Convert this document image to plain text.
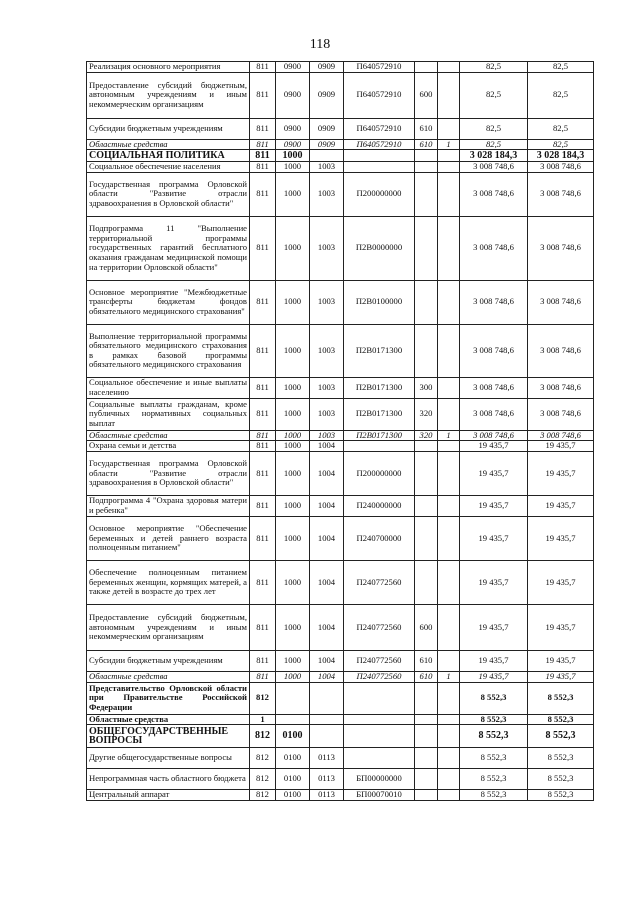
118
Реализация основного мероприятия	811	0900	0909	П640572910			82,5	82,5
Предоставление субсидий бюджетным, автономным учреждениям и иным некоммерческим организациям	811	0900	0909	П640572910	600		82,5	82,5
Субсидии бюджетным учреждениям	811	0900	0909	П640572910	610		82,5	82,5
Областные средства	811	0900	0909	П640572910	610	1	82,5	82,5
СОЦИАЛЬНАЯ ПОЛИТИКА	811	1000					3 028 184,3	3 028 184,3
Социальное обеспечение населения	811	1000	1003				3 008 748,6	3 008 748,6
Государственная программа Орловской области "Развитие отрасли здравоохранения в Орловской области"	811	1000	1003	П200000000			3 008 748,6	3 008 748,6
Подпрограмма 11 "Выполнение территориальной программы государственных гарантий бесплатного оказания гражданам медицинской помощи на территории Орловской области"	811	1000	1003	П2В0000000			3 008 748,6	3 008 748,6
Основное мероприятие "Межбюджетные трансферты бюджетам фондов обязательного медицинского страхования"	811	1000	1003	П2В0100000			3 008 748,6	3 008 748,6
Выполнение территориальной программы обязательного медицинского страхования в рамках базовой программы обязательного медицинского страхования	811	1000	1003	П2В0171300			3 008 748,6	3 008 748,6
Социальное обеспечение и иные выплаты населению	811	1000	1003	П2В0171300	300		3 008 748,6	3 008 748,6
Социальные выплаты гражданам, кроме публичных нормативных социальных выплат	811	1000	1003	П2В0171300	320		3 008 748,6	3 008 748,6
Областные средства	811	1000	1003	П2В0171300	320	1	3 008 748,6	3 008 748,6
Охрана семьи и детства	811	1000	1004				19 435,7	19 435,7
Государственная программа Орловской области "Развитие отрасли здравоохранения в Орловской области"	811	1000	1004	П200000000			19 435,7	19 435,7
Подпрограмма 4 "Охрана здоровья матери и ребенка"	811	1000	1004	П240000000			19 435,7	19 435,7
Основное мероприятие "Обеспечение беременных и детей раннего возраста полноценным питанием"	811	1000	1004	П240700000			19 435,7	19 435,7
Обеспечение полноценным питанием беременных женщин, кормящих матерей, а также детей в возрасте до трех лет	811	1000	1004	П240772560			19 435,7	19 435,7
Предоставление субсидий бюджетным, автономным учреждениям и иным некоммерческим организациям	811	1000	1004	П240772560	600		19 435,7	19 435,7
Субсидии бюджетным учреждениям	811	1000	1004	П240772560	610		19 435,7	19 435,7
Областные средства	811	1000	1004	П240772560	610	1	19 435,7	19 435,7
Представительство Орловской области при Правительстве Российской Федерации	812						8 552,3	8 552,3
Областные средства	1						8 552,3	8 552,3
ОБЩЕГОСУДАРСТВЕННЫЕ ВОПРОСЫ	812	0100					8 552,3	8 552,3
Другие общегосударственные вопросы	812	0100	0113				8 552,3	8 552,3
Непрограммная часть областного бюджета	812	0100	0113	БП00000000			8 552,3	8 552,3
Центральный аппарат	812	0100	0113	БП00070010			8 552,3	8 552,3
